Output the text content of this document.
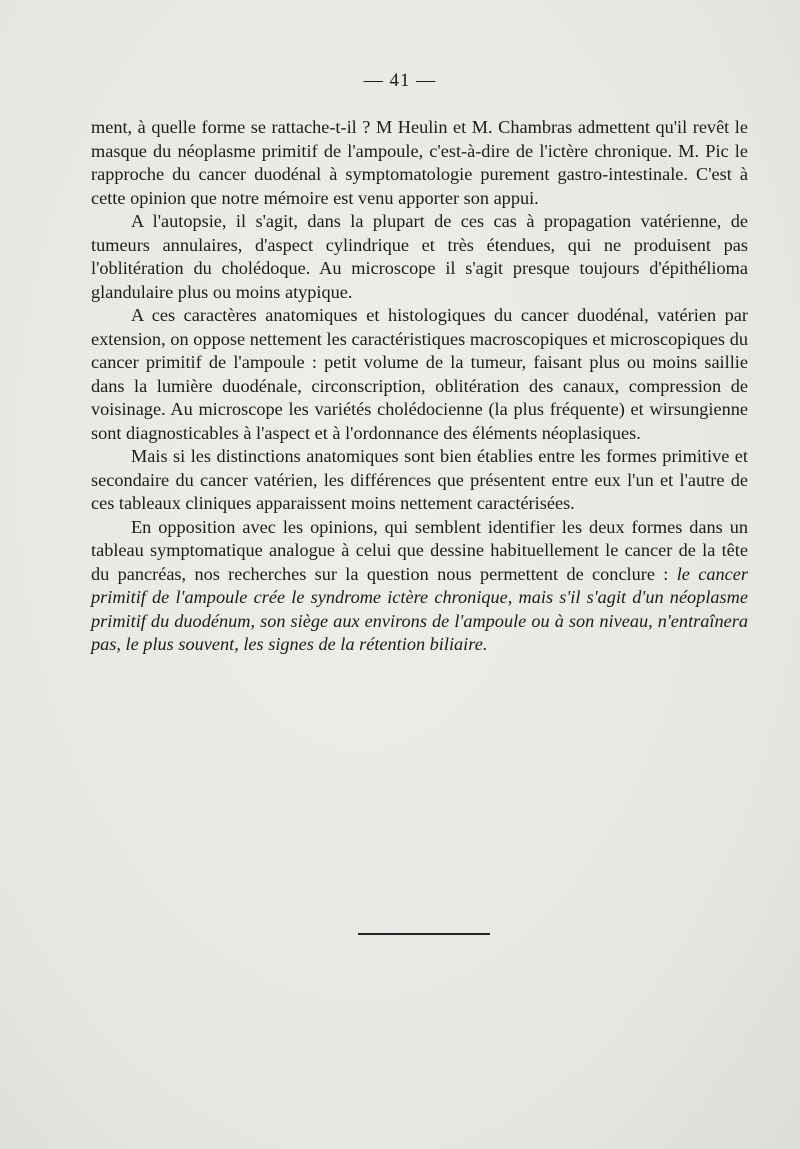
— 41 —

ment, à quelle forme se rattache-t-il ? M Heulin et M. Chambras admettent qu'il revêt le masque du néoplasme primitif de l'ampoule, c'est-à-dire de l'ictère chronique. M. Pic le rapproche du cancer duodénal à symptomatologie purement gastro-intestinale. C'est à cette opinion que notre mémoire est venu apporter son appui.

A l'autopsie, il s'agit, dans la plupart de ces cas à propagation vatérienne, de tumeurs annulaires, d'aspect cylindrique et très étendues, qui ne produisent pas l'oblitération du cholédoque. Au microscope il s'agit presque toujours d'épithélioma glandulaire plus ou moins atypique.

A ces caractères anatomiques et histologiques du cancer duodénal, vatérien par extension, on oppose nettement les caractéristiques macroscopiques et microscopiques du cancer primitif de l'ampoule : petit volume de la tumeur, faisant plus ou moins saillie dans la lumière duodénale, circonscription, oblitération des canaux, compression de voisinage. Au microscope les variétés cholédocienne (la plus fréquente) et wirsungienne sont diagnosticables à l'aspect et à l'ordonnance des éléments néoplasiques.

Mais si les distinctions anatomiques sont bien établies entre les formes primitive et secondaire du cancer vatérien, les différences que présentent entre eux l'un et l'autre de ces tableaux cliniques apparaissent moins nettement caractérisées.

En opposition avec les opinions, qui semblent identifier les deux formes dans un tableau symptomatique analogue à celui que dessine habituellement le cancer de la tête du pancréas, nos recherches sur la question nous permettent de conclure : le cancer primitif de l'ampoule crée le syndrome ictère chronique, mais s'il s'agit d'un néoplasme primitif du duodénum, son siège aux environs de l'ampoule ou à son niveau, n'entraînera pas, le plus souvent, les signes de la rétention biliaire.
